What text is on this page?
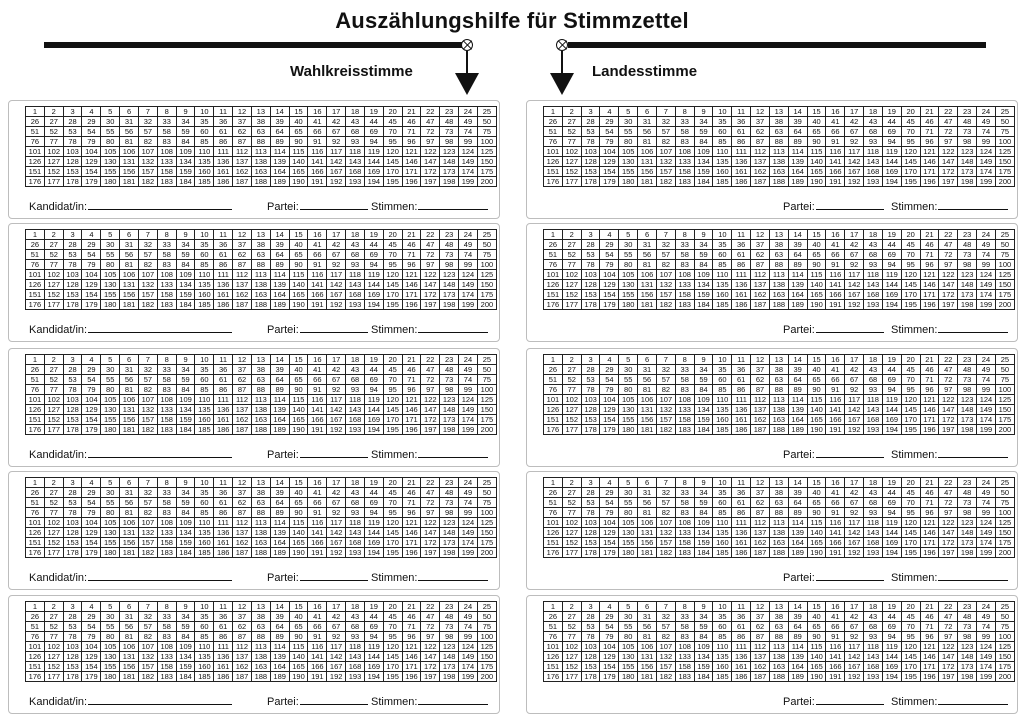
Auszählungshilfe für Stimmzettel
Wahlkreisstimme	Landesstimme
1	2	3	4	5	6	7	8	9	10	11	12	13	14	15	16	17	18	19	20	21	22	23	24	25
26	27	28	29	30	31	32	33	34	35	36	37	38	39	40	41	42	43	44	45	46	47	48	49	50
51	52	53	54	55	56	57	58	59	60	61	62	63	64	65	66	67	68	69	70	71	72	73	74	75
76	77	78	79	80	81	82	83	84	85	86	87	88	89	90	91	92	93	94	95	96	97	98	99	100
101	102	103	104	105	106	107	108	109	110	111	112	113	114	115	116	117	118	119	120	121	122	123	124	125
126	127	128	129	130	131	132	133	134	135	136	137	138	139	140	141	142	143	144	145	146	147	148	149	150
151	152	153	154	155	156	157	158	159	160	161	162	163	164	165	166	167	168	169	170	171	172	173	174	175
176	177	178	179	180	181	182	183	184	185	186	187	188	189	190	191	192	193	194	195	196	197	198	199	200
Kandidat/in:	Partei:	Stimmen:
1	2	3	4	5	6	7	8	9	10	11	12	13	14	15	16	17	18	19	20	21	22	23	24	25
26	27	28	29	30	31	32	33	34	35	36	37	38	39	40	41	42	43	44	45	46	47	48	49	50
51	52	53	54	55	56	57	58	59	60	61	62	63	64	65	66	67	68	69	70	71	72	73	74	75
76	77	78	79	80	81	82	83	84	85	86	87	88	89	90	91	92	93	94	95	96	97	98	99	100
101	102	103	104	105	106	107	108	109	110	111	112	113	114	115	116	117	118	119	120	121	122	123	124	125
126	127	128	129	130	131	132	133	134	135	136	137	138	139	140	141	142	143	144	145	146	147	148	149	150
151	152	153	154	155	156	157	158	159	160	161	162	163	164	165	166	167	168	169	170	171	172	173	174	175
176	177	178	179	180	181	182	183	184	185	186	187	188	189	190	191	192	193	194	195	196	197	198	199	200
Kandidat/in:	Partei:	Stimmen:
1	2	3	4	5	6	7	8	9	10	11	12	13	14	15	16	17	18	19	20	21	22	23	24	25
26	27	28	29	30	31	32	33	34	35	36	37	38	39	40	41	42	43	44	45	46	47	48	49	50
51	52	53	54	55	56	57	58	59	60	61	62	63	64	65	66	67	68	69	70	71	72	73	74	75
76	77	78	79	80	81	82	83	84	85	86	87	88	89	90	91	92	93	94	95	96	97	98	99	100
101	102	103	104	105	106	107	108	109	110	111	112	113	114	115	116	117	118	119	120	121	122	123	124	125
126	127	128	129	130	131	132	133	134	135	136	137	138	139	140	141	142	143	144	145	146	147	148	149	150
151	152	153	154	155	156	157	158	159	160	161	162	163	164	165	166	167	168	169	170	171	172	173	174	175
176	177	178	179	180	181	182	183	184	185	186	187	188	189	190	191	192	193	194	195	196	197	198	199	200
Kandidat/in:	Partei:	Stimmen:
1	2	3	4	5	6	7	8	9	10	11	12	13	14	15	16	17	18	19	20	21	22	23	24	25
26	27	28	29	30	31	32	33	34	35	36	37	38	39	40	41	42	43	44	45	46	47	48	49	50
51	52	53	54	55	56	57	58	59	60	61	62	63	64	65	66	67	68	69	70	71	72	73	74	75
76	77	78	79	80	81	82	83	84	85	86	87	88	89	90	91	92	93	94	95	96	97	98	99	100
101	102	103	104	105	106	107	108	109	110	111	112	113	114	115	116	117	118	119	120	121	122	123	124	125
126	127	128	129	130	131	132	133	134	135	136	137	138	139	140	141	142	143	144	145	146	147	148	149	150
151	152	153	154	155	156	157	158	159	160	161	162	163	164	165	166	167	168	169	170	171	172	173	174	175
176	177	178	179	180	181	182	183	184	185	186	187	188	189	190	191	192	193	194	195	196	197	198	199	200
Kandidat/in:	Partei:	Stimmen:
1	2	3	4	5	6	7	8	9	10	11	12	13	14	15	16	17	18	19	20	21	22	23	24	25
26	27	28	29	30	31	32	33	34	35	36	37	38	39	40	41	42	43	44	45	46	47	48	49	50
51	52	53	54	55	56	57	58	59	60	61	62	63	64	65	66	67	68	69	70	71	72	73	74	75
76	77	78	79	80	81	82	83	84	85	86	87	88	89	90	91	92	93	94	95	96	97	98	99	100
101	102	103	104	105	106	107	108	109	110	111	112	113	114	115	116	117	118	119	120	121	122	123	124	125
126	127	128	129	130	131	132	133	134	135	136	137	138	139	140	141	142	143	144	145	146	147	148	149	150
151	152	153	154	155	156	157	158	159	160	161	162	163	164	165	166	167	168	169	170	171	172	173	174	175
176	177	178	179	180	181	182	183	184	185	186	187	188	189	190	191	192	193	194	195	196	197	198	199	200
Kandidat/in:	Partei:	Stimmen:
1	2	3	4	5	6	7	8	9	10	11	12	13	14	15	16	17	18	19	20	21	22	23	24	25
26	27	28	29	30	31	32	33	34	35	36	37	38	39	40	41	42	43	44	45	46	47	48	49	50
51	52	53	54	55	56	57	58	59	60	61	62	63	64	65	66	67	68	69	70	71	72	73	74	75
76	77	78	79	80	81	82	83	84	85	86	87	88	89	90	91	92	93	94	95	96	97	98	99	100
101	102	103	104	105	106	107	108	109	110	111	112	113	114	115	116	117	118	119	120	121	122	123	124	125
126	127	128	129	130	131	132	133	134	135	136	137	138	139	140	141	142	143	144	145	146	147	148	149	150
151	152	153	154	155	156	157	158	159	160	161	162	163	164	165	166	167	168	169	170	171	172	173	174	175
176	177	178	179	180	181	182	183	184	185	186	187	188	189	190	191	192	193	194	195	196	197	198	199	200
Partei:	Stimmen:
1	2	3	4	5	6	7	8	9	10	11	12	13	14	15	16	17	18	19	20	21	22	23	24	25
26	27	28	29	30	31	32	33	34	35	36	37	38	39	40	41	42	43	44	45	46	47	48	49	50
51	52	53	54	55	56	57	58	59	60	61	62	63	64	65	66	67	68	69	70	71	72	73	74	75
76	77	78	79	80	81	82	83	84	85	86	87	88	89	90	91	92	93	94	95	96	97	98	99	100
101	102	103	104	105	106	107	108	109	110	111	112	113	114	115	116	117	118	119	120	121	122	123	124	125
126	127	128	129	130	131	132	133	134	135	136	137	138	139	140	141	142	143	144	145	146	147	148	149	150
151	152	153	154	155	156	157	158	159	160	161	162	163	164	165	166	167	168	169	170	171	172	173	174	175
176	177	178	179	180	181	182	183	184	185	186	187	188	189	190	191	192	193	194	195	196	197	198	199	200
Partei:	Stimmen:
1	2	3	4	5	6	7	8	9	10	11	12	13	14	15	16	17	18	19	20	21	22	23	24	25
26	27	28	29	30	31	32	33	34	35	36	37	38	39	40	41	42	43	44	45	46	47	48	49	50
51	52	53	54	55	56	57	58	59	60	61	62	63	64	65	66	67	68	69	70	71	72	73	74	75
76	77	78	79	80	81	82	83	84	85	86	87	88	89	90	91	92	93	94	95	96	97	98	99	100
101	102	103	104	105	106	107	108	109	110	111	112	113	114	115	116	117	118	119	120	121	122	123	124	125
126	127	128	129	130	131	132	133	134	135	136	137	138	139	140	141	142	143	144	145	146	147	148	149	150
151	152	153	154	155	156	157	158	159	160	161	162	163	164	165	166	167	168	169	170	171	172	173	174	175
176	177	178	179	180	181	182	183	184	185	186	187	188	189	190	191	192	193	194	195	196	197	198	199	200
Partei:	Stimmen:
1	2	3	4	5	6	7	8	9	10	11	12	13	14	15	16	17	18	19	20	21	22	23	24	25
26	27	28	29	30	31	32	33	34	35	36	37	38	39	40	41	42	43	44	45	46	47	48	49	50
51	52	53	54	55	56	57	58	59	60	61	62	63	64	65	66	67	68	69	70	71	72	73	74	75
76	77	78	79	80	81	82	83	84	85	86	87	88	89	90	91	92	93	94	95	96	97	98	99	100
101	102	103	104	105	106	107	108	109	110	111	112	113	114	115	116	117	118	119	120	121	122	123	124	125
126	127	128	129	130	131	132	133	134	135	136	137	138	139	140	141	142	143	144	145	146	147	148	149	150
151	152	153	154	155	156	157	158	159	160	161	162	163	164	165	166	167	168	169	170	171	172	173	174	175
176	177	178	179	180	181	182	183	184	185	186	187	188	189	190	191	192	193	194	195	196	197	198	199	200
Partei:	Stimmen:
1	2	3	4	5	6	7	8	9	10	11	12	13	14	15	16	17	18	19	20	21	22	23	24	25
26	27	28	29	30	31	32	33	34	35	36	37	38	39	40	41	42	43	44	45	46	47	48	49	50
51	52	53	54	55	56	57	58	59	60	61	62	63	64	65	66	67	68	69	70	71	72	73	74	75
76	77	78	79	80	81	82	83	84	85	86	87	88	89	90	91	92	93	94	95	96	97	98	99	100
101	102	103	104	105	106	107	108	109	110	111	112	113	114	115	116	117	118	119	120	121	122	123	124	125
126	127	128	129	130	131	132	133	134	135	136	137	138	139	140	141	142	143	144	145	146	147	148	149	150
151	152	153	154	155	156	157	158	159	160	161	162	163	164	165	166	167	168	169	170	171	172	173	174	175
176	177	178	179	180	181	182	183	184	185	186	187	188	189	190	191	192	193	194	195	196	197	198	199	200
Partei:	Stimmen:
